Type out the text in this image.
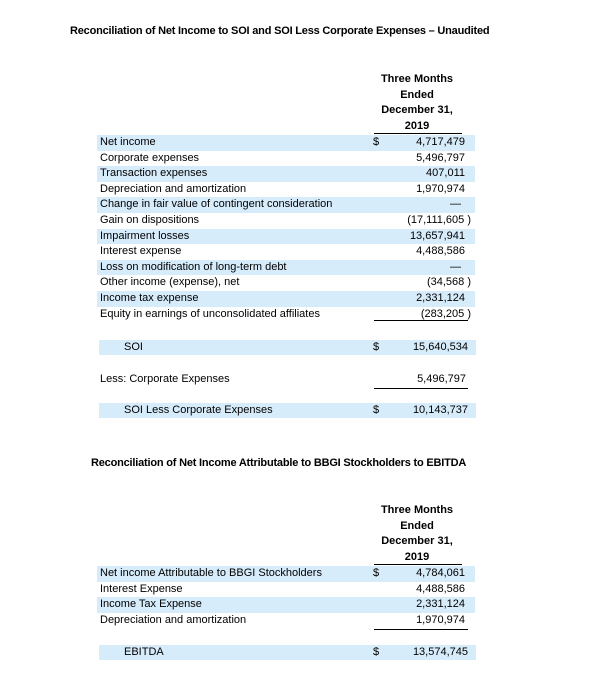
Reconciliation of Net Income to SOI and SOI Less Corporate Expenses – Unaudited
Three Months
Ended
December 31,
2019
Net income	$	4,717,479
Corporate expenses	5,496,797
Transaction expenses	407,011
Depreciation and amortization	1,970,974
Change in fair value of contingent consideration	—
Gain on dispositions	(17,111,605 )
Impairment losses	13,657,941
Interest expense	4,488,586
Loss on modification of long-term debt	—
Other income (expense), net	(34,568 )
Income tax expense	2,331,124
Equity in earnings of unconsolidated affiliates	(283,205 )
SOI	$	15,640,534
Less: Corporate Expenses	5,496,797
SOI Less Corporate Expenses	$	10,143,737
Reconciliation of Net Income Attributable to BBGI Stockholders to EBITDA
Three Months
Ended
December 31,
2019
Net income Attributable to BBGI Stockholders	$	4,784,061
Interest Expense	4,488,586
Income Tax Expense	2,331,124
Depreciation and amortization	1,970,974
EBITDA	$	13,574,745
